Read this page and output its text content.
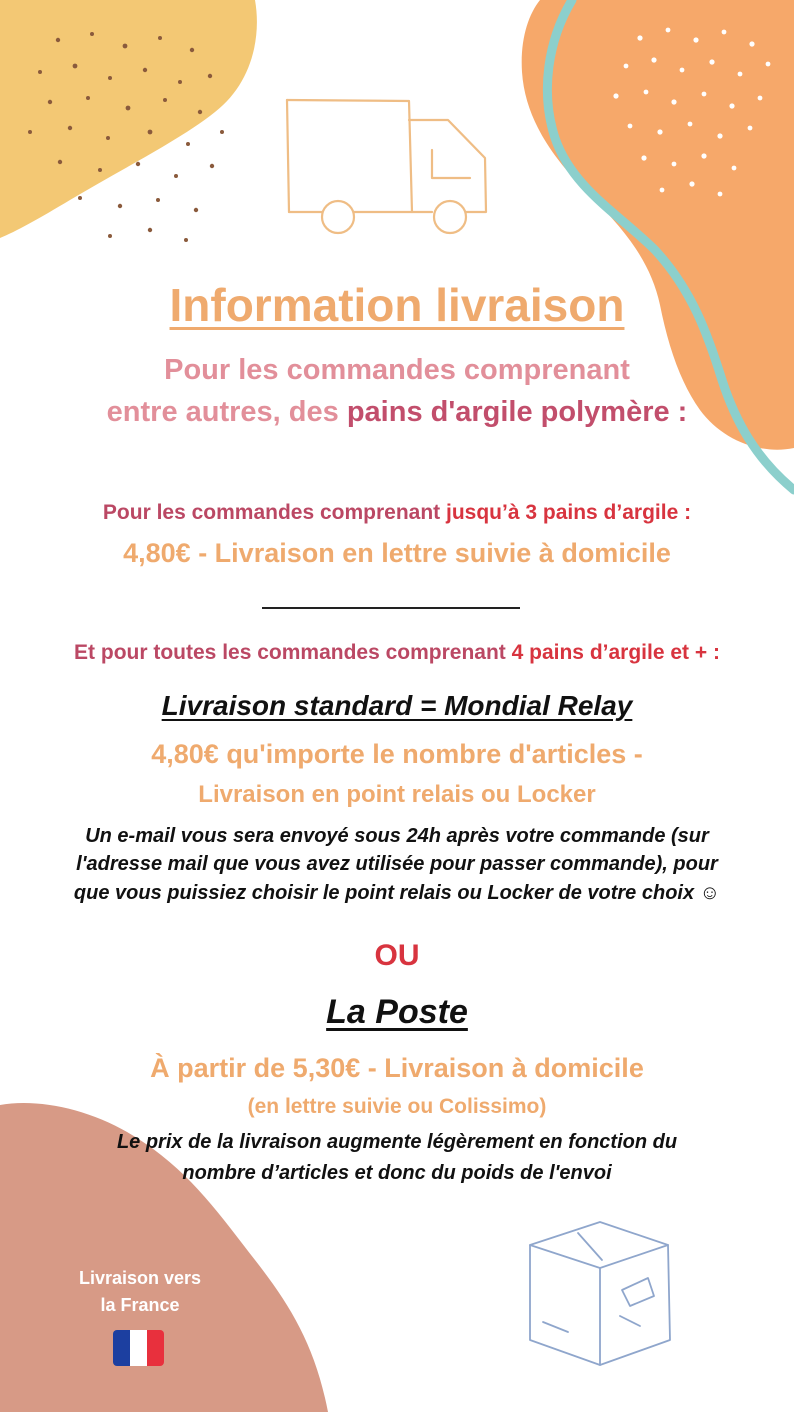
Information livraison

Pour les commandes comprenant

entre autres, des pains d'argile polymère :

Pour les commandes comprenant jusqu’à 3 pains d’argile :

4,80€ - Livraison en lettre suivie à domicile

Et pour toutes les commandes comprenant 4 pains d’argile et + :

Livraison standard = Mondial Relay

4,80€ qu'importe le nombre d'articles -

Livraison en point relais ou Locker

Un e-mail vous sera envoyé sous 24h après votre commande (sur

l'adresse mail que vous avez utilisée pour passer commande), pour

que vous puissiez choisir le point relais ou Locker de votre choix ☺

OU

La Poste

À partir de 5,30€ - Livraison à domicile

(en lettre suivie ou Colissimo)

Le prix de la livraison augmente légèrement en fonction du

nombre d’articles et donc du poids de l'envoi

Livraison vers
la France
